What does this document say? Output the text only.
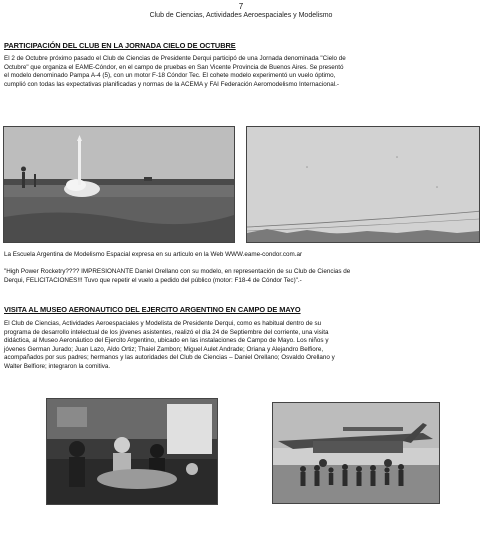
7
Club de Ciencias, Actividades Aeroespaciales y Modelismo
PARTICIPACIÓN DEL CLUB EN LA JORNADA CIELO DE OCTUBRE
El 2 de Octubre próximo pasado el Club de Ciencias de Presidente Derqui participó de una Jornada denominada "Cielo de
Octubre" que organiza el EAME-Cóndor, en el campo de pruebas en San Vicente Provincia de Buenos Aires. Se presentó
el modelo denominado Pampa A-4 (5), con un motor F-18 Cóndor Tec. El cohete modelo experimentó un vuelo óptimo,
cumplió con todas las expectativas planificadas y normas de la ACEMA y FAI Federación Aeromodelismo Internacional.-
La Escuela Argentina de Modelismo Espacial expresa en su articulo en la Web WWW.eame-condor.com.ar
"High Power Rocketry???? IMPRESIONANTE Daniel Orellano con su modelo, en representación de su Club de Ciencias de
Derqui, FELICITACIONES!!! Tuvo que repetir el vuelo a pedido del público (motor: F18-4 de Cóndor Tec)".-
VISITA AL MUSEO AERONAUTICO DEL EJERCITO ARGENTINO EN CAMPO DE MAYO
El Club de Ciencias, Actividades Aeroespaciales y Modelista de Presidente Derqui, como es habitual dentro de su
programa de desarrollo intelectual de los jóvenes asistentes, realizó el día 24 de Septiembre del corriente, una visita
didáctica, al Museo Aeronáutico del Ejercito Argentino, ubicado en las instalaciones de Campo de Mayo. Los niños y
jóvenes German Jurado; Juan Lazo, Aldo Ortiz; Thaiel Zambon; Miguel Aulet Andrade; Oriana y Alejandro Belfiore,
acompañados por sus padres; hermanos y las autoridades del Club de Ciencias – Daniel Orellano; Osvaldo Orellano y
Walter Belfiore; integraron la comitiva.
